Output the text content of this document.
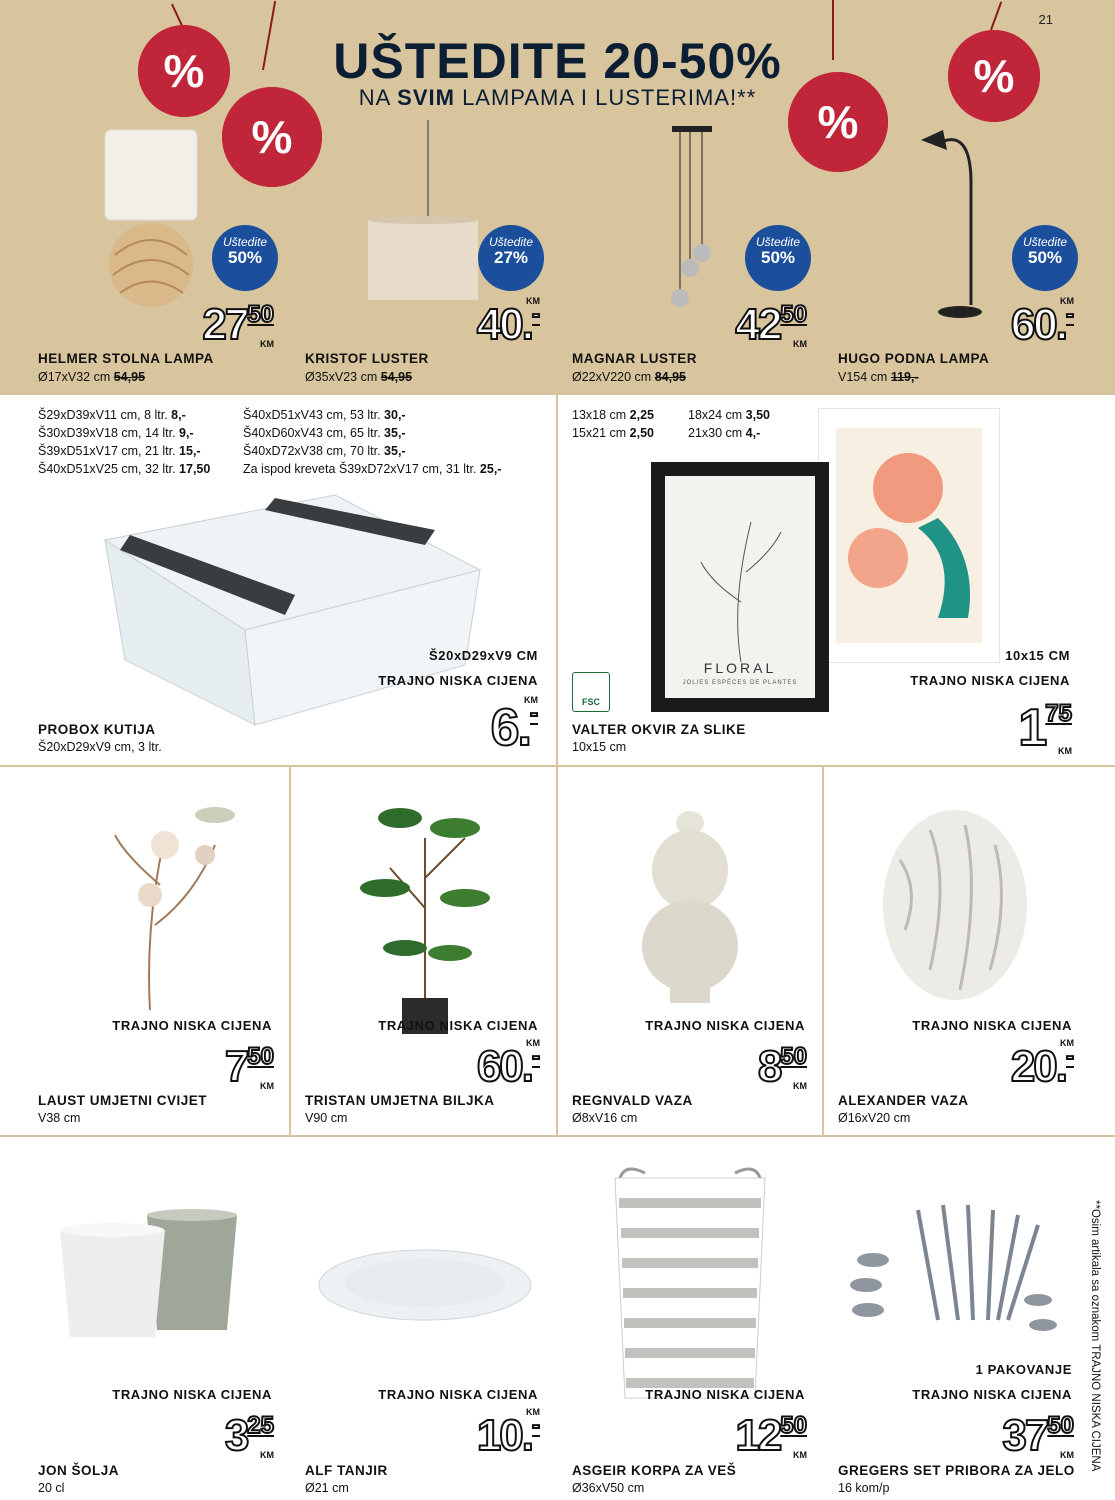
21
%
%	%
%
UŠTEDITE 20-50%
NA SVIM LAMPAMA I LUSTERIMA!**
Uštedite
50%
Uštedite
27%
Uštedite
50%
Uštedite
50%
$27^{50}$
KM	40.-
KM	$42^{50}$
KM	60.-
KM
HELMER STOLNA LAMPA
Ø17xV32 cm 54,95
KRISTOF LUSTER
Ø35xV23 cm 54,95
MAGNAR LUSTER
Ø22xV220 cm 84,95
HUGO PODNA LAMPA
V154 cm 119,-
Š29xD39xV11 cm, 8 ltr. 8,-
Š30xD39xV18 cm, 14 ltr. 9,-
Š39xD51xV17 cm, 21 ltr. 15,-
Š40xD51xV25 cm, 32 ltr. 17,50
Š40xD51xV43 cm, 53 ltr. 30,-
Š40xD60xV43 cm, 65 ltr. 35,-
Š40xD72xV38 cm, 70 ltr. 35,-
Za ispod kreveta Š39xD72xV17 cm, 31 ltr. 25,-
Š20xD29xV9 CM
TRAJNO NISKA CIJENA
6.-
KM
PROBOX KUTIJA
Š20xD29xV9 cm, 3 ltr.
13x18 cm 2,25
15x21 cm 2,50
18x24 cm 3,50
21x30 cm 4,-
FLORAL
JOLIES ESPÈCES DE PLANTES
FSC
10x15 CM
TRAJNO NISKA CIJENA
$1^{75}$
KM
VALTER OKVIR ZA SLIKE
10x15 cm
TRAJNO NISKA CIJENA	TRAJNO NISKA CIJENA	TRAJNO NISKA CIJENA	TRAJNO NISKA CIJENA
$7^{50}$
KM	60.-
KM	$8^{50}$
KM	20.-
KM
LAUST UMJETNI CVIJET
V38 cm
TRISTAN UMJETNA BILJKA
V90 cm
REGNVALD VAZA
Ø8xV16 cm
ALEXANDER VAZA
Ø16xV20 cm
1 PAKOVANJE
TRAJNO NISKA CIJENA	TRAJNO NISKA CIJENA	TRAJNO NISKA CIJENA	TRAJNO NISKA CIJENA
$3^{25}$
KM	10.-
KM	$12^{50}$
KM	$37^{50}$
KM
JON ŠOLJA
20 cl
ALF TANJIR
Ø21 cm
ASGEIR KORPA ZA VEŠ
Ø36xV50 cm
GREGERS SET PRIBORA ZA JELO
16 kom/p
**Osim artikala sa oznakom TRAJNO NISKA CIJENA
